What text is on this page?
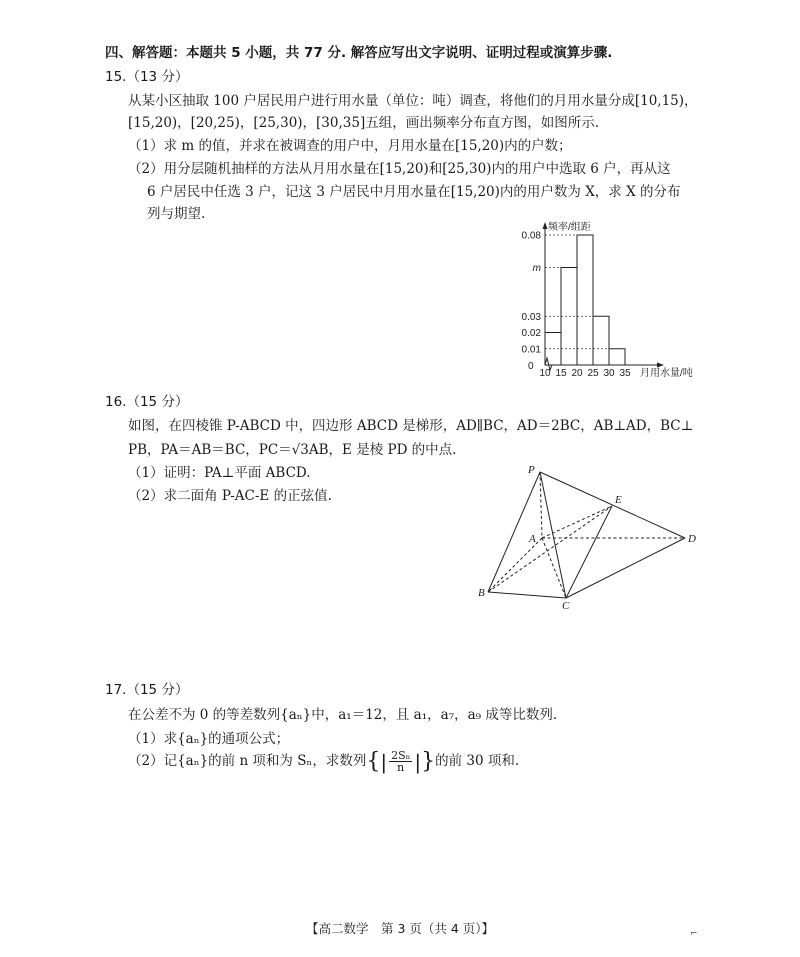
四、解答题：本题共 5 小题，共 77 分. 解答应写出文字说明、证明过程或演算步骤.
15.（13 分）
从某小区抽取 100 户居民用户进行用水量（单位：吨）调查，将他们的月用水量分成[10,15)，
[15,20)，[20,25)，[25,30)，[30,35]五组，画出频率分布直方图，如图所示.
（1）求 m 的值，并求在被调查的用户中，月用水量在[15,20)内的户数；
（2）用分层随机抽样的方法从月用水量在[15,20)和[25,30)内的用户中选取 6 户，再从这
6 户居民中任选 3 户，记这 3 户居民中月用水量在[15,20)内的用户数为 X，求 X 的分布
列与期望.
0.01
0.02
0.03
m
0.08
10 15 20 25 30 35
频率/组距
月用水量/吨
0
16.（15 分）
如图，在四棱锥 P-ABCD 中，四边形 ABCD 是梯形，AD∥BC，AD＝2BC，AB⊥AD，BC⊥
PB，PA＝AB＝BC，PC＝√3AB，E 是棱 PD 的中点.
（1）证明：PA⊥平面 ABCD.
（2）求二面角 P-AC-E 的正弦值.
P
A
B
C
D
E
17.（15 分）
在公差不为 0 的等差数列{aₙ}中，a₁＝12，且 a₁，a₇，a₉ 成等比数列.
（1）求{aₙ}的通项公式；
（2）记{aₙ}的前 n 项和为 Sₙ，求数列 { | $\frac{\text{2Sₙ}}{n}$ | } 的前 30 项和.
【高二数学　第 3 页（共 4 页）】	⌐
